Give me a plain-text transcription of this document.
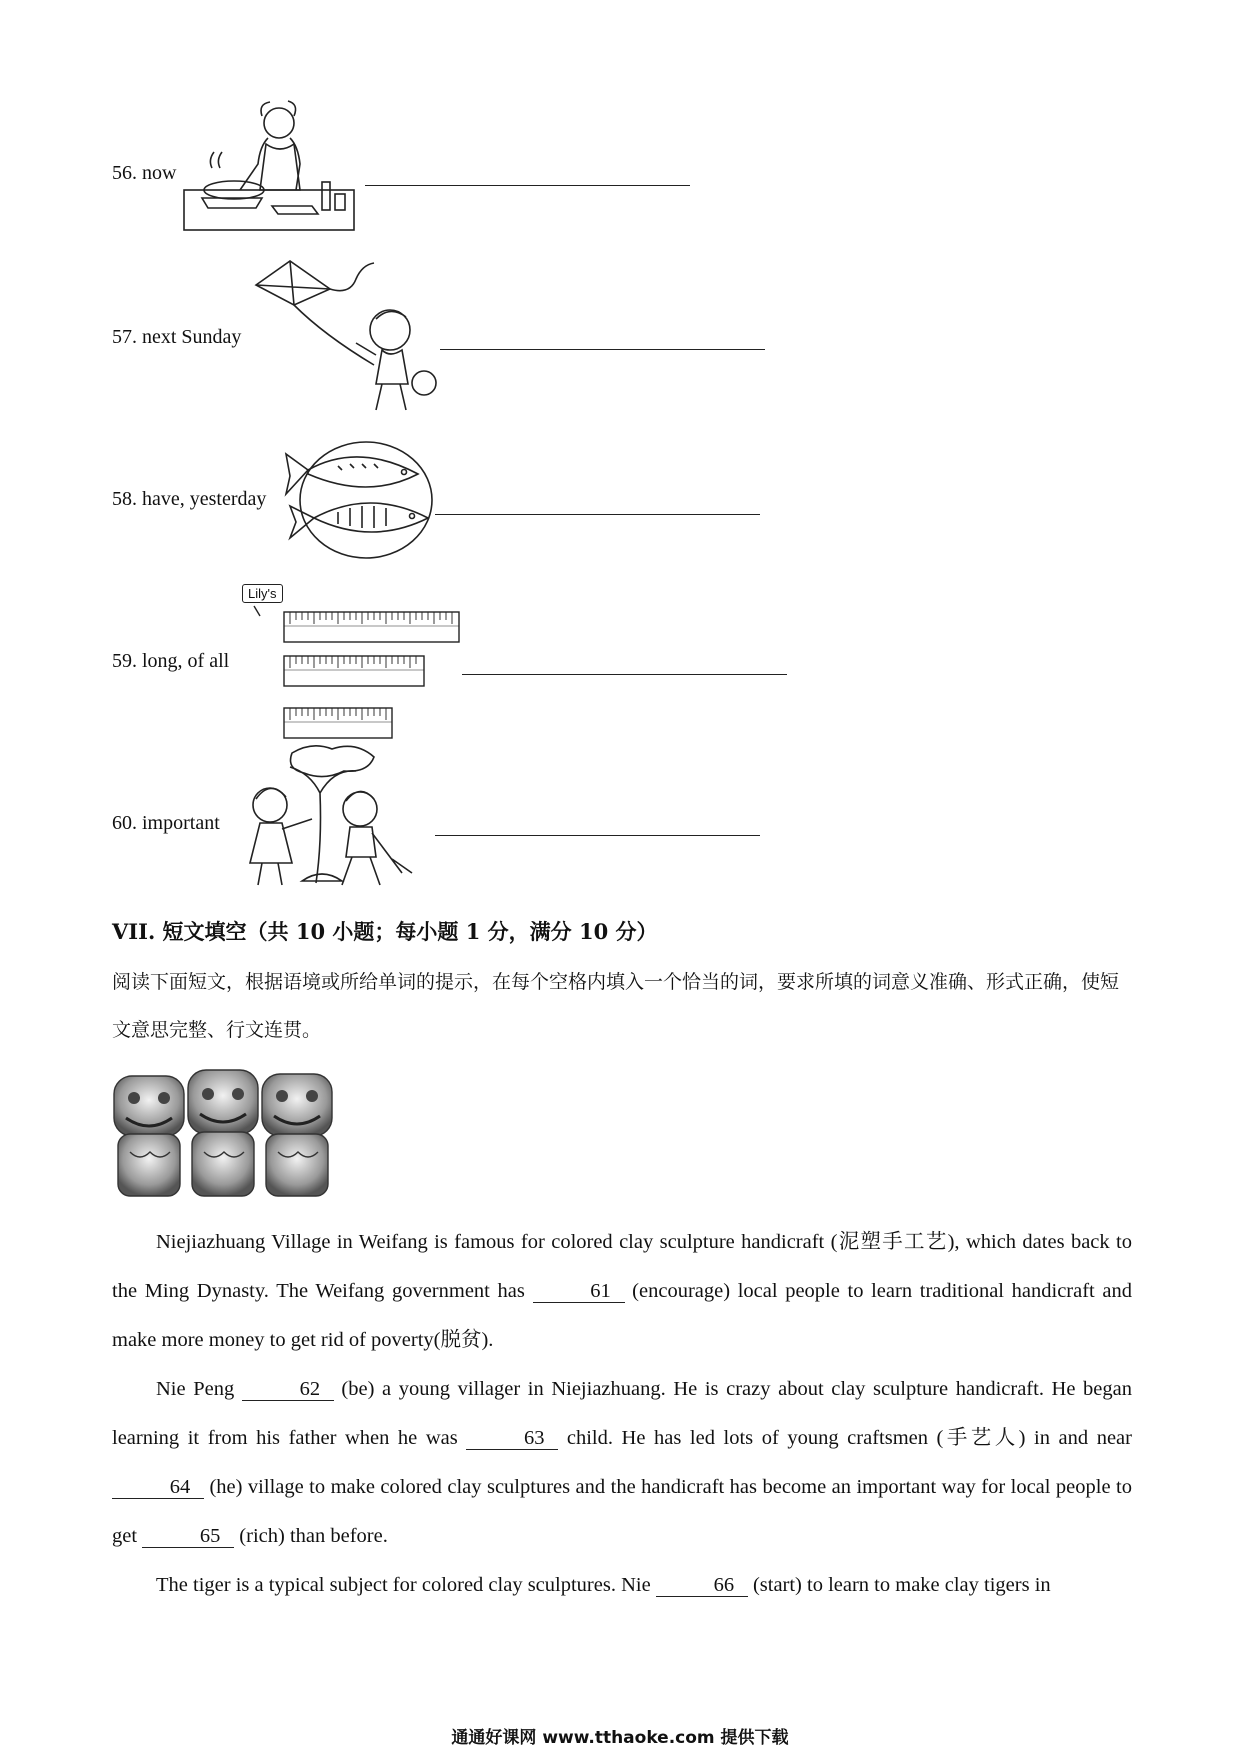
56. now
57. next Sunday
58. have, yesterday
59. long, of all
Lily's
60. important
VII. 短文填空（共 10 小题；每小题 1 分，满分 10 分）
阅读下面短文，根据语境或所给单词的提示，在每个空格内填入一个恰当的词，要求所填的词意义准确、形式正确，使短文意思完整、行文连贯。

Niejiazhuang Village in Weifang is famous for colored clay sculpture handicraft (泥塑手工艺), which dates back to the Ming Dynasty. The Weifang government has	61 (encourage) local people to learn traditional handicraft and make more money to get rid of poverty(脱贫).

Nie Peng	62 (be) a young villager in Niejiazhuang. He is crazy about clay sculpture handicraft. He began learning it from his father when he was	63 child. He has led lots of young craftsmen (手艺人) in and near 64 (he) village to make colored clay sculptures and the handicraft has become an important way for local people to get	65 (rich) than before.

The tiger is a typical subject for colored clay sculptures. Nie	66 (start) to learn to make clay tigers in

通通好课网 www.tthaoke.com 提供下载
